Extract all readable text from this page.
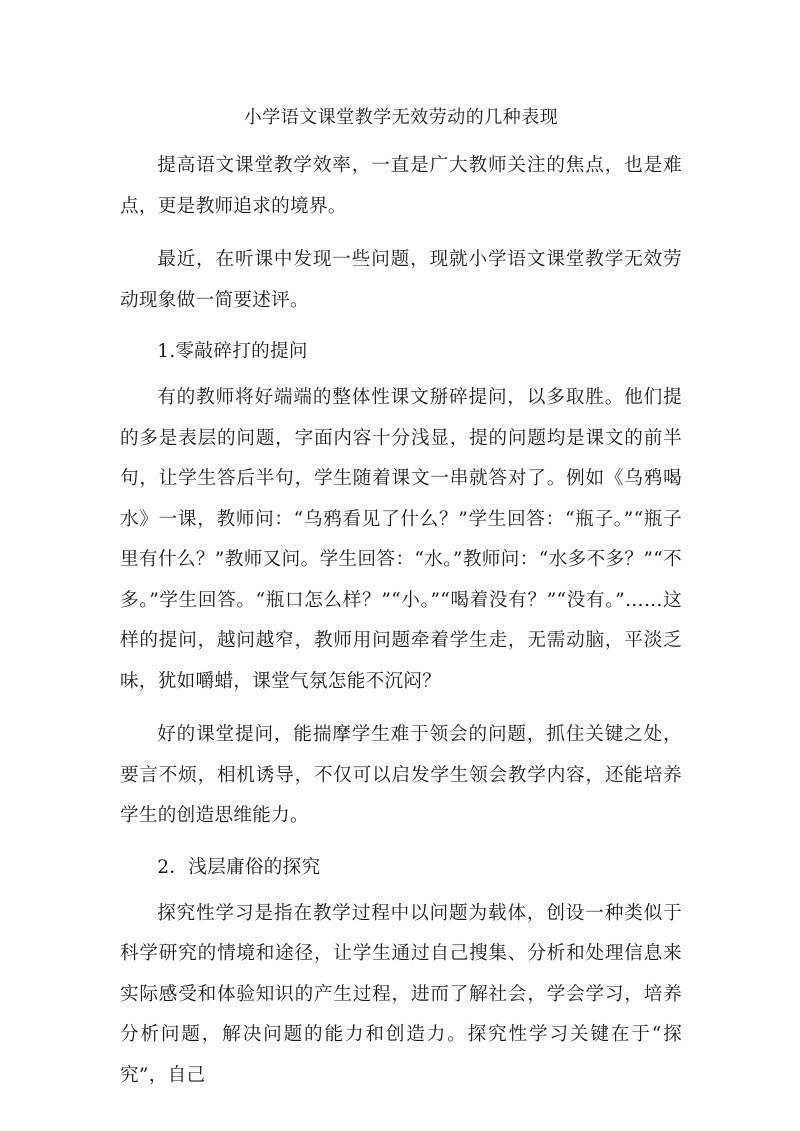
小学语文课堂教学无效劳动的几种表现

提高语文课堂教学效率，一直是广大教师关注的焦点，也是难点，更是教师追求的境界。

最近，在听课中发现一些问题，现就小学语文课堂教学无效劳动现象做一简要述评。

1.零敲碎打的提问

有的教师将好端端的整体性课文掰碎提问，以多取胜。他们提的多是表层的问题，字面内容十分浅显，提的问题均是课文的前半句，让学生答后半句，学生随着课文一串就答对了。例如《乌鸦喝水》一课，教师问：“乌鸦看见了什么？”学生回答：“瓶子。”“瓶子里有什么？”教师又问。学生回答：“水。”教师问：“水多不多？”“不多。”学生回答。“瓶口怎么样？”“小。”“喝着没有？”“没有。”……这样的提问，越问越窄，教师用问题牵着学生走，无需动脑，平淡乏味，犹如嚼蜡，课堂气氛怎能不沉闷？

好的课堂提问，能揣摩学生难于领会的问题，抓住关键之处，要言不烦，相机诱导，不仅可以启发学生领会教学内容，还能培养学生的创造思维能力。

2．浅层庸俗的探究

探究性学习是指在教学过程中以问题为载体，创设一种类似于科学研究的情境和途径，让学生通过自己搜集、分析和处理信息来实际感受和体验知识的产生过程，进而了解社会，学会学习，培养分析问题，解决问题的能力和创造力。探究性学习关键在于“探究”，自己
